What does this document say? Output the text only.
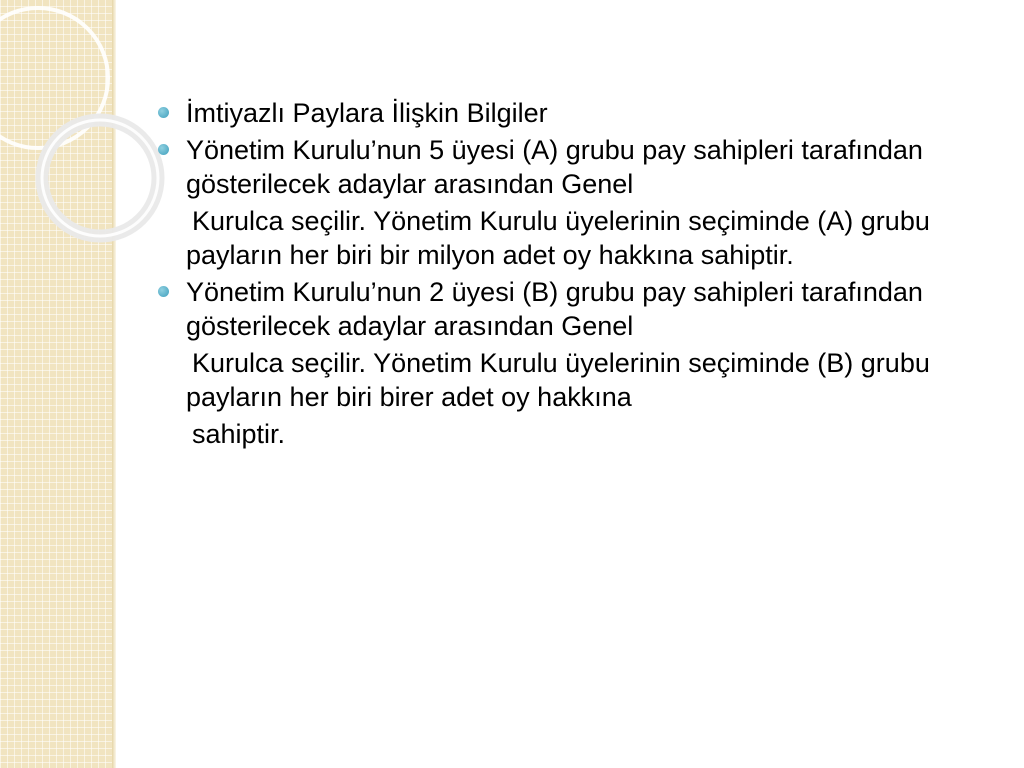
İmtiyazlı Paylara İlişkin Bilgiler
Yönetim Kurulu’nun 5 üyesi (A) grubu pay sahipleri tarafından gösterilecek adaylar arasından Genel
Kurulca seçilir. Yönetim Kurulu üyelerinin seçiminde (A) grubu payların her biri bir milyon adet oy hakkına sahiptir.
Yönetim Kurulu’nun 2 üyesi (B) grubu pay sahipleri tarafından gösterilecek adaylar arasından Genel
Kurulca seçilir. Yönetim Kurulu üyelerinin seçiminde (B) grubu payların her biri birer adet oy hakkına
sahiptir.
